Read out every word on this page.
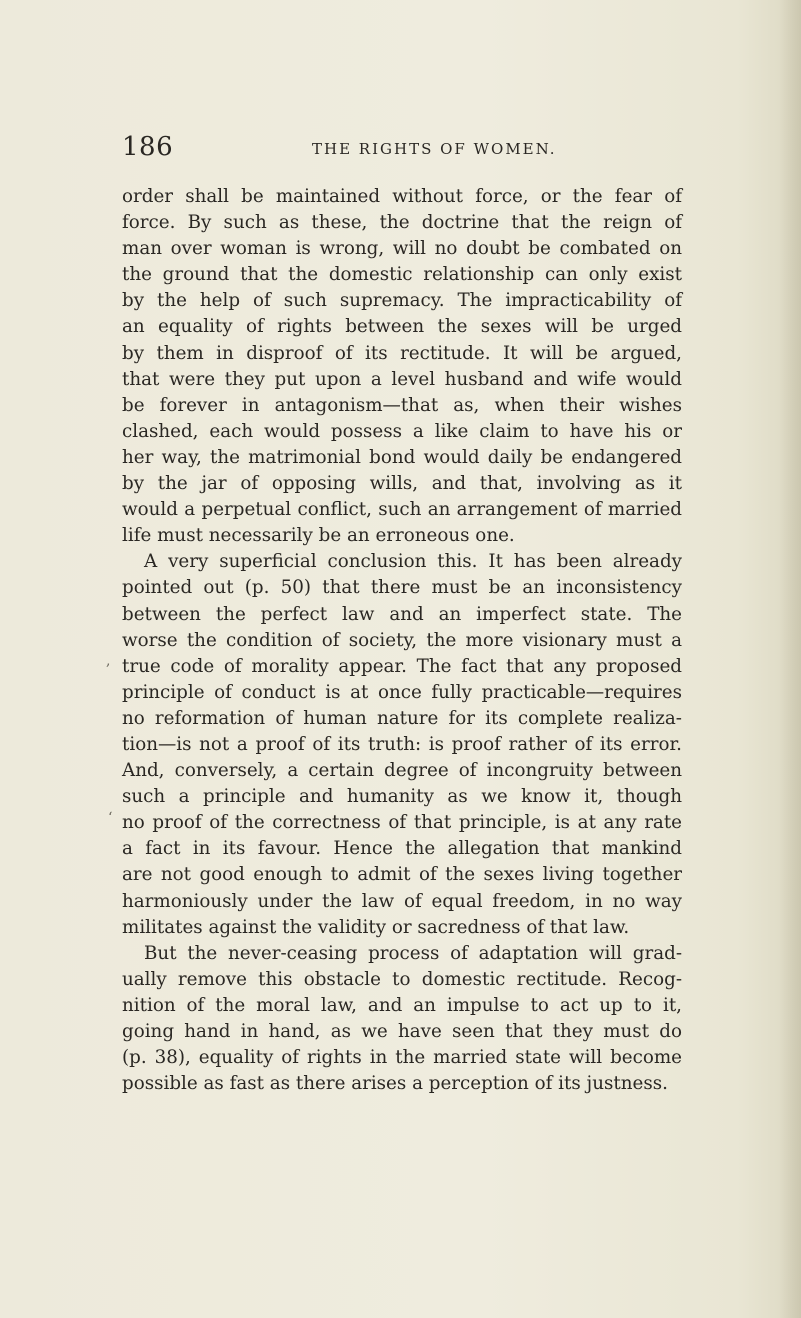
186	THE RIGHTS OF WOMEN.
,
‘
order shall be maintained without force, or the fear of
force. By such as these, the doctrine that the reign of
man over woman is wrong, will no doubt be combated on
the ground that the domestic relationship can only exist
by the help of such supremacy. The impracticability of
an equality of rights between the sexes will be urged
by them in disproof of its rectitude. It will be argued,
that were they put upon a level husband and wife would
be forever in antagonism—that as, when their wishes
clashed, each would possess a like claim to have his or
her way, the matrimonial bond would daily be endangered
by the jar of opposing wills, and that, involving as it
would a perpetual conflict, such an arrangement of married
life must necessarily be an erroneous one.
A very superficial conclusion this. It has been already
pointed out (p. 50) that there must be an inconsistency
between the perfect law and an imperfect state. The
worse the condition of society, the more visionary must a
true code of morality appear. The fact that any proposed
principle of conduct is at once fully practicable—requires
no reformation of human nature for its complete realiza-
tion—is not a proof of its truth: is proof rather of its error.
And, conversely, a certain degree of incongruity between
such a principle and humanity as we know it, though
no proof of the correctness of that principle, is at any rate
a fact in its favour. Hence the allegation that mankind
are not good enough to admit of the sexes living together
harmoniously under the law of equal freedom, in no way
militates against the validity or sacredness of that law.
But the never-ceasing process of adaptation will grad-
ually remove this obstacle to domestic rectitude. Recog-
nition of the moral law, and an impulse to act up to it,
going hand in hand, as we have seen that they must do
(p. 38), equality of rights in the married state will become
possible as fast as there arises a perception of its justness.
